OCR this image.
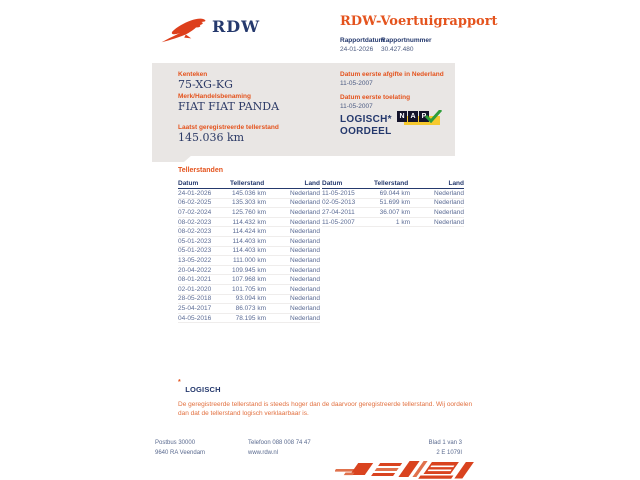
RDW	RDW-Voertuigrapport
Rapportdatum
Rapportnummer
24-01-2026 30.427.480
Kenteken
75-XG-KG
Merk/Handelsbenaming
FIAT FIAT PANDA
Laatst geregistreerde tellerstand
145.036 km
Datum eerste afgifte in Nederland
11-05-2007
Datum eerste toelating
11-05-2007
LOGISCH*
OORDEEL
N A P
Tellerstanden
Datum	Tellerstand	Land
24-01-2026	145.036 km	Nederland
06-02-2025	135.303 km	Nederland
07-02-2024	125.760 km	Nederland
08-02-2023	114.432 km	Nederland
08-02-2023	114.424 km	Nederland
05-01-2023	114.403 km	Nederland
05-01-2023	114.403 km	Nederland
13-05-2022	111.000 km	Nederland
20-04-2022	109.945 km	Nederland
08-01-2021	107.968 km	Nederland
02-01-2020	101.705 km	Nederland
28-05-2018	93.094 km	Nederland
25-04-2017	86.073 km	Nederland
04-05-2016	78.195 km	Nederland
Datum	Tellerstand	Land
11-05-2015	69.044 km	Nederland
02-05-2013	51.699 km	Nederland
27-04-2011	36.007 km	Nederland
11-05-2007	1 km	Nederland
* LOGISCH
De geregistreerde tellerstand is steeds hoger dan de daarvoor geregistreerde tellerstand. Wij oordelen dan dat de tellerstand logisch verklaarbaar is.
Postbus 30000
9640 RA Veendam
Telefoon 088 008 74 47
www.rdw.nl
Blad 1 van 3
2 E 1079I
